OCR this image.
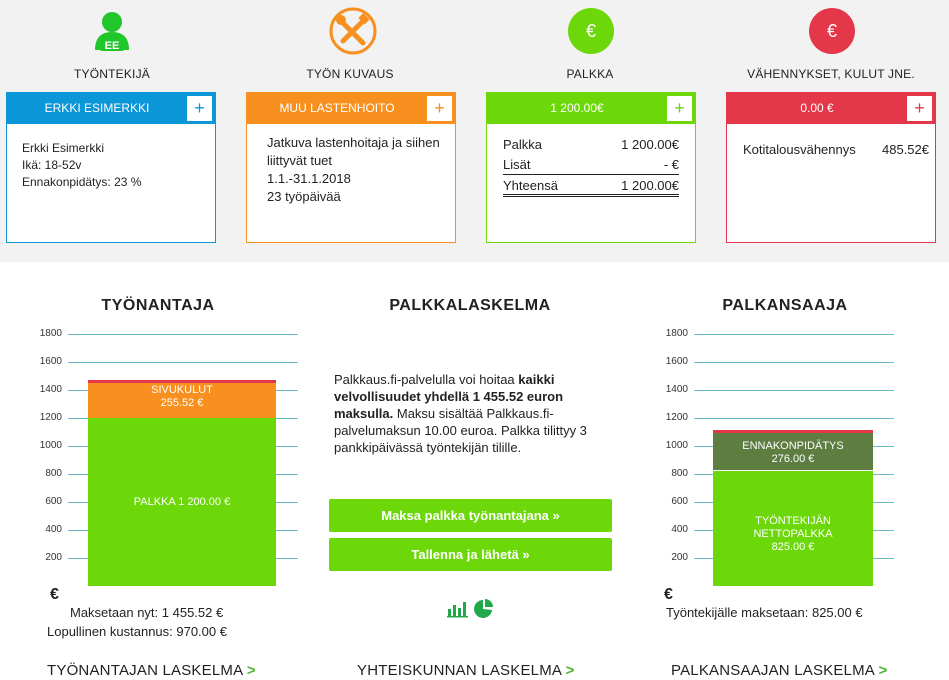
EE
TYÖNTEKIJÄ
ERKKI ESIMERKKI	+
Erkki Esimerkki
Ikä: 18-52v
Ennakonpidätys: 23 %
TYÖN KUVAUS
MUU LASTENHOITO	+
Jatkuva lastenhoitaja ja siihen liittyvät tuet
1.1.-31.1.2018
23 työpäivää
€
PALKKA
1 200.00€	+
Palkka	1 200.00€
Lisät	- €
Yhteensä	1 200.00€
€
VÄHENNYKSET, KULUT JNE.
0.00 €	+
Kotitalousvähennys 485.52€
TYÖNANTAJA	PALKKALASKELMA	PALKANSAAJA
1800
1600
1400
1200
1000
800
600
400
200
PALKKA 1 200.00 €
SIVUKULUT
255.52 €
€
Maksetaan nyt: 1 455.52 €
Lopullinen kustannus: 970.00 €
Palkkaus.fi-palvelulla voi hoitaa kaikki velvollisuudet yhdellä 1 455.52 euron maksulla. Maksu sisältää Palkkaus.fi-palvelumaksun 10.00 euroa. Palkka tilittyy 3 pankkipäivässä työntekijän tilille.
Maksa palkka työnantajana »
Tallenna ja lähetä »
1800
1600
1400
1200
1000
800
600
400
200
TYÖNTEKIJÄN
NETTOPALKKA
825.00 €
ENNAKONPIDÄTYS
276.00 €
€
Työntekijälle maksetaan: 825.00 €
TYÖNANTAJAN LASKELMA >	YHTEISKUNNAN LASKELMA >	PALKANSAAJAN LASKELMA >
